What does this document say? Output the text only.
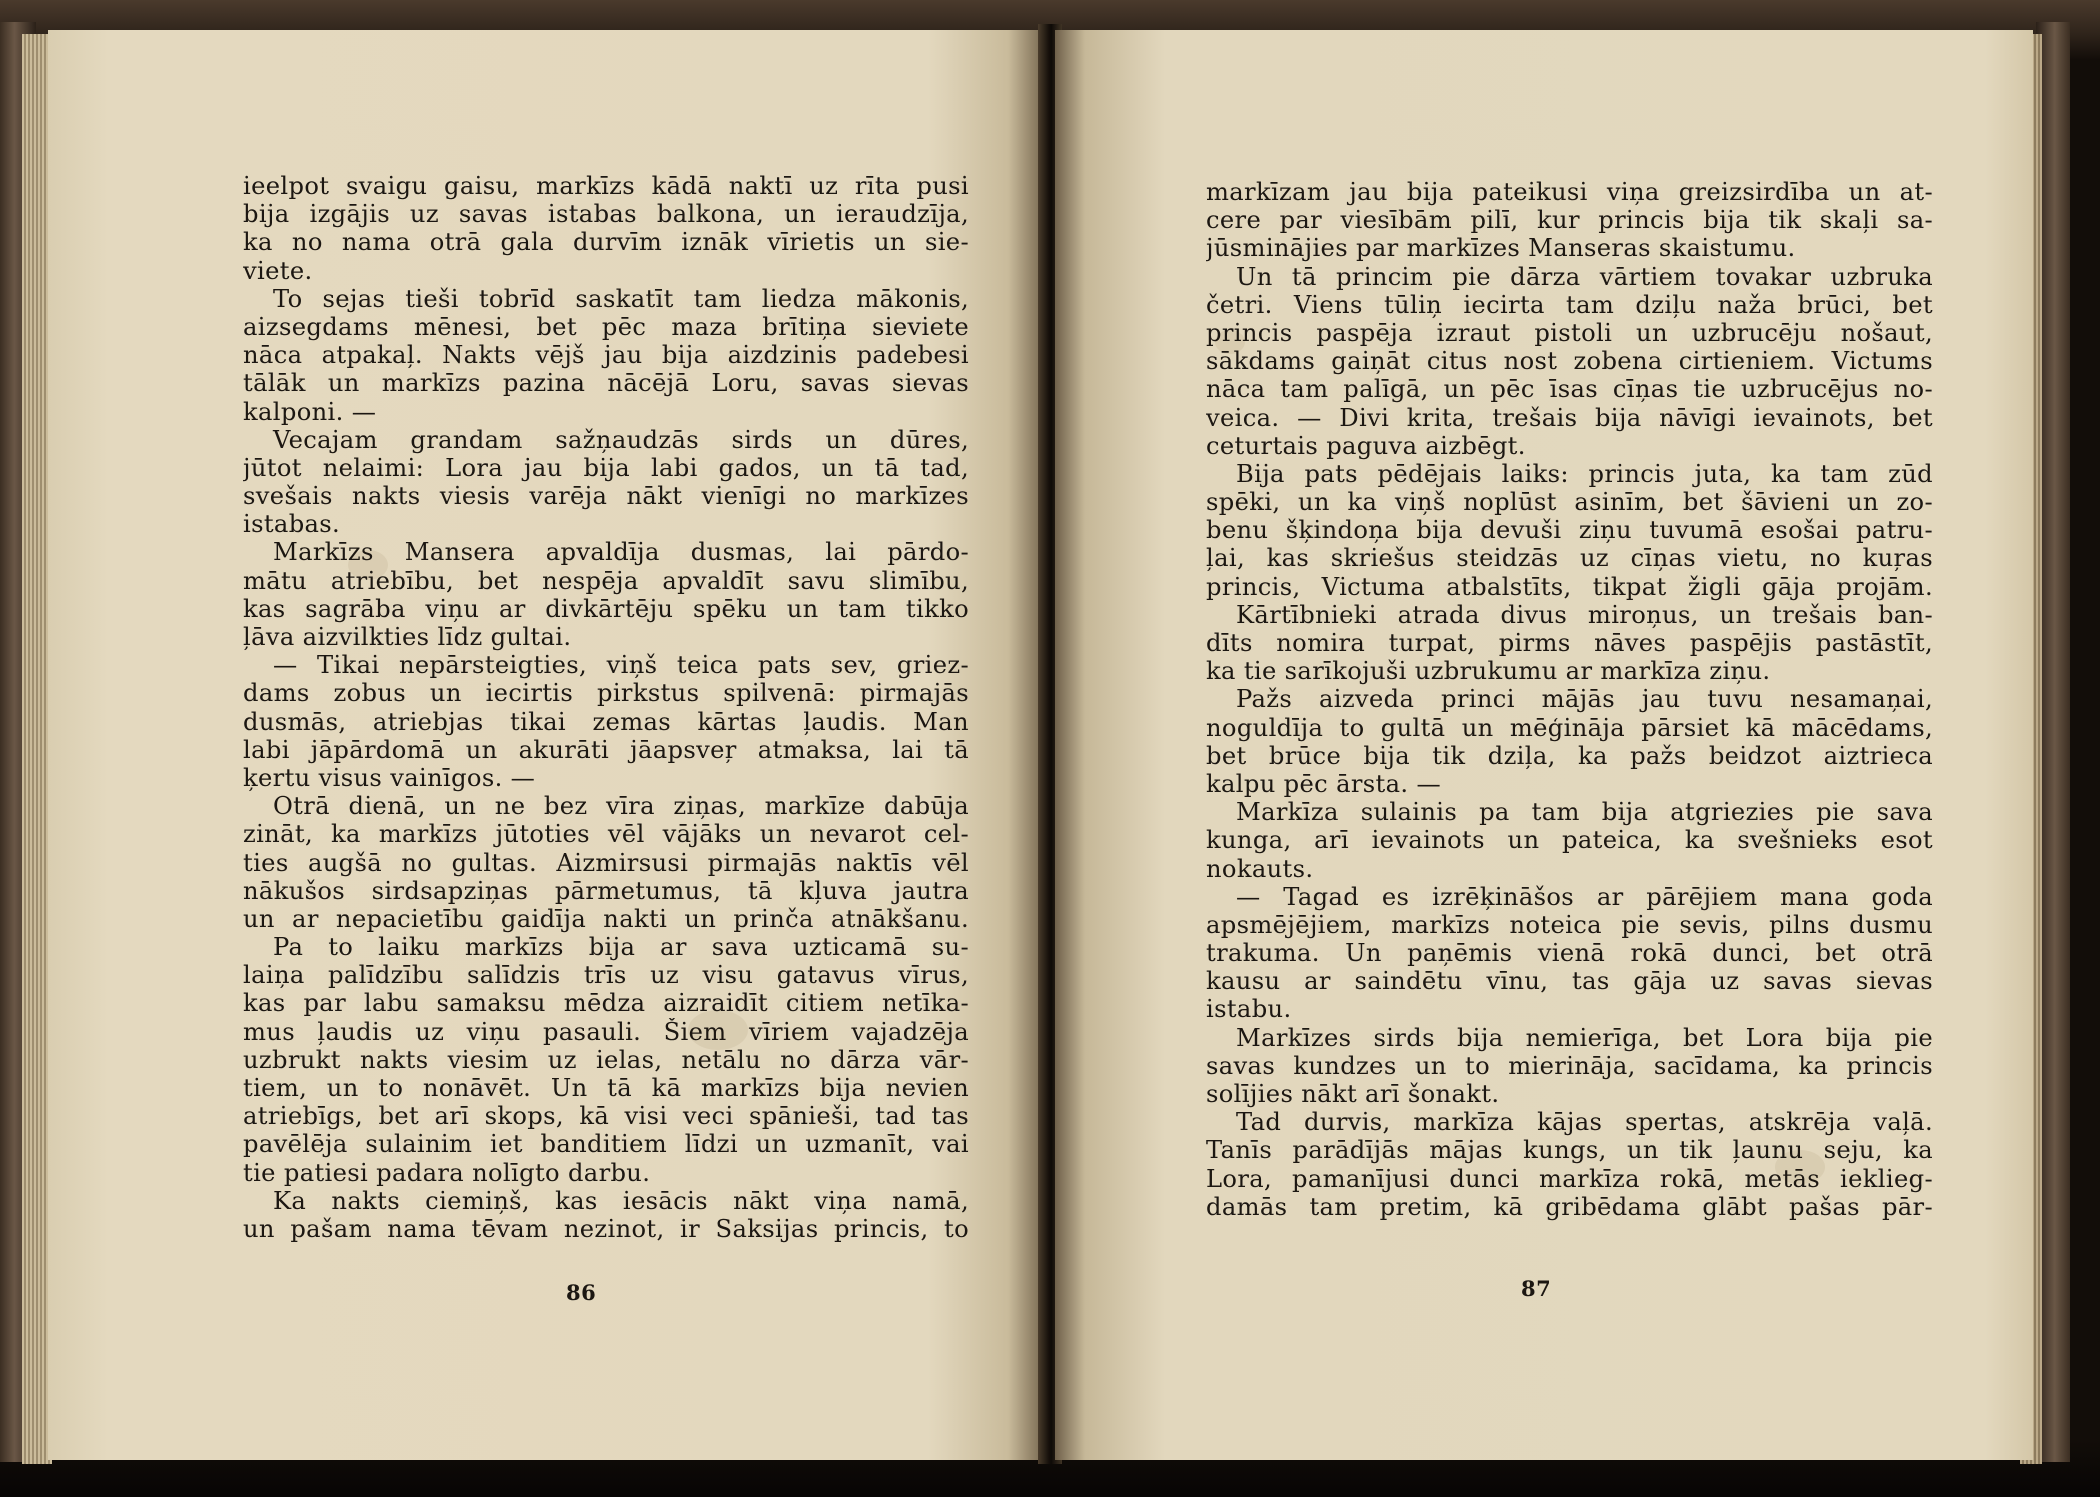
ieelpot svaigu gaisu, markīzs kādā naktī uz rīta pusi
bija izgājis uz savas istabas balkona, un ieraudzīja,
ka no nama otrā gala durvīm iznāk vīrietis un sie-
viete.
To sejas tieši tobrīd saskatīt tam liedza mākonis,
aizsegdams mēnesi, bet pēc maza brītiņa sieviete
nāca atpakaļ. Nakts vējš jau bija aizdzinis padebesi
tālāk un markīzs pazina nācējā Loru, savas sievas
kalponi. —
Vecajam grandam sažņaudzās sirds un dūres,
jūtot nelaimi: Lora jau bija labi gados, un tā tad,
svešais nakts viesis varēja nākt vienīgi no markīzes
istabas.
Markīzs Mansera apvaldīja dusmas, lai pārdo-
mātu atriebību, bet nespēja apvaldīt savu slimību,
kas sagrāba viņu ar divkārtēju spēku un tam tikko
ļāva aizvilkties līdz gultai.
— Tikai nepārsteigties, viņš teica pats sev, griez-
dams zobus un iecirtis pirkstus spilvenā: pirmajās
dusmās, atriebjas tikai zemas kārtas ļaudis. Man
labi jāpārdomā un akurāti jāapsveŗ atmaksa, lai tā
ķertu visus vainīgos. —
Otrā dienā, un ne bez vīra ziņas, markīze dabūja
zināt, ka markīzs jūtoties vēl vājāks un nevarot cel-
ties augšā no gultas. Aizmirsusi pirmajās naktīs vēl
nākušos sirdsapziņas pārmetumus, tā kļuva jautra
un ar nepacietību gaidīja nakti un prinča atnākšanu.
Pa to laiku markīzs bija ar sava uzticamā su-
laiņa palīdzību salīdzis trīs uz visu gatavus vīrus,
kas par labu samaksu mēdza aizraidīt citiem netīka-
mus ļaudis uz viņu pasauli. Šiem vīriem vajadzēja
uzbrukt nakts viesim uz ielas, netālu no dārza vār-
tiem, un to nonāvēt. Un tā kā markīzs bija nevien
atriebīgs, bet arī skops, kā visi veci spānieši, tad tas
pavēlēja sulainim iet banditiem līdzi un uzmanīt, vai
tie patiesi padara nolīgto darbu.
Ka nakts ciemiņš, kas iesācis nākt viņa namā,
un pašam nama tēvam nezinot, ir Saksijas princis, to
86
markīzam jau bija pateikusi viņa greizsirdība un at-
cere par viesībām pilī, kur princis bija tik skaļi sa-
jūsminājies par markīzes Manseras skaistumu.
Un tā princim pie dārza vārtiem tovakar uzbruka
četri. Viens tūliņ iecirta tam dziļu naža brūci, bet
princis paspēja izraut pistoli un uzbrucēju nošaut,
sākdams gaiņāt citus nost zobena cirtieniem. Victums
nāca tam palīgā, un pēc īsas cīņas tie uzbrucējus no-
veica. — Divi krita, trešais bija nāvīgi ievainots, bet
ceturtais paguva aizbēgt.
Bija pats pēdējais laiks: princis juta, ka tam zūd
spēki, un ka viņš noplūst asinīm, bet šāvieni un zo-
benu šķindoņa bija devuši ziņu tuvumā esošai patru-
ļai, kas skriešus steidzās uz cīņas vietu, no kuŗas
princis, Victuma atbalstīts, tikpat žigli gāja projām.
Kārtībnieki atrada divus miroņus, un trešais ban-
dīts nomira turpat, pirms nāves paspējis pastāstīt,
ka tie sarīkojuši uzbrukumu ar markīza ziņu.
Pažs aizveda princi mājās jau tuvu nesamaņai,
noguldīja to gultā un mēģināja pārsiet kā mācēdams,
bet brūce bija tik dziļa, ka pažs beidzot aiztrieca
kalpu pēc ārsta. —
Markīza sulainis pa tam bija atgriezies pie sava
kunga, arī ievainots un pateica, ka svešnieks esot
nokauts.
— Tagad es izrēķināšos ar pārējiem mana goda
apsmējējiem, markīzs noteica pie sevis, pilns dusmu
trakuma. Un paņēmis vienā rokā dunci, bet otrā
kausu ar saindētu vīnu, tas gāja uz savas sievas
istabu.
Markīzes sirds bija nemierīga, bet Lora bija pie
savas kundzes un to mierināja, sacīdama, ka princis
solījies nākt arī šonakt.
Tad durvis, markīza kājas spertas, atskrēja vaļā.
Tanīs parādījās mājas kungs, un tik ļaunu seju, ka
Lora, pamanījusi dunci markīza rokā, metās ieklieg-
damās tam pretim, kā gribēdama glābt pašas pār-
87
